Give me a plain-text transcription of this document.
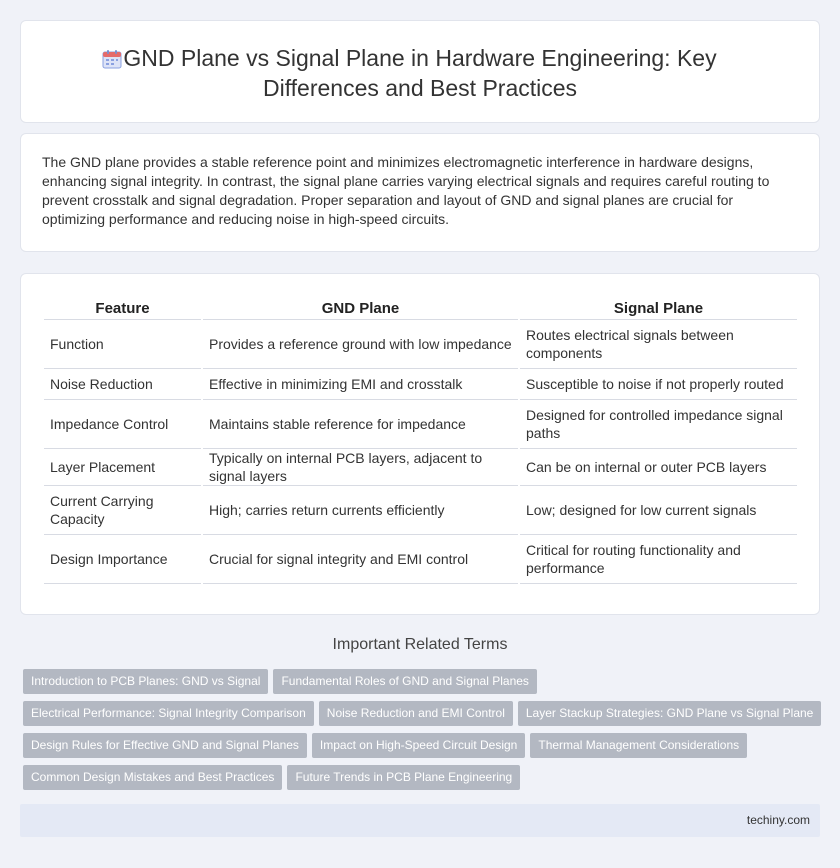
GND Plane vs Signal Plane in Hardware Engineering: Key Differences and Best Practices

The GND plane provides a stable reference point and minimizes electromagnetic interference in hardware designs, enhancing signal integrity. In contrast, the signal plane carries varying electrical signals and requires careful routing to prevent crosstalk and signal degradation. Proper separation and layout of GND and signal planes are crucial for optimizing performance and reducing noise in high-speed circuits.

Feature	GND Plane	Signal Plane
Function	Provides a reference ground with low impedance	Routes electrical signals between components
Noise Reduction	Effective in minimizing EMI and crosstalk	Susceptible to noise if not properly routed
Impedance Control	Maintains stable reference for impedance	Designed for controlled impedance signal paths
Layer Placement	Typically on internal PCB layers, adjacent to signal layers	Can be on internal or outer PCB layers
Current Carrying Capacity	High; carries return currents efficiently	Low; designed for low current signals
Design Importance	Crucial for signal integrity and EMI control	Critical for routing functionality and performance
Important Related Terms
Introduction to PCB Planes: GND vs Signal Fundamental Roles of GND and Signal Planes
Electrical Performance: Signal Integrity Comparison Noise Reduction and EMI Control Layer Stackup Strategies: GND Plane vs Signal Plane
Design Rules for Effective GND and Signal Planes Impact on High-Speed Circuit Design Thermal Management Considerations
Common Design Mistakes and Best Practices Future Trends in PCB Plane Engineering
techiny.com
